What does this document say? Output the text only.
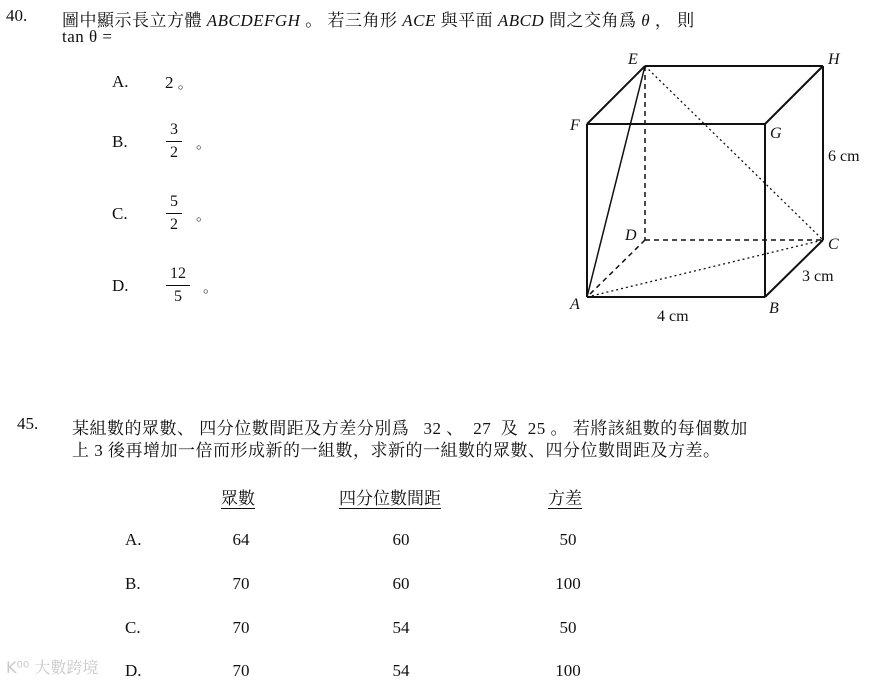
40. 圖中顯示長立方體 ABCDEFGH 。 若三角形 ACE 與平面 ABCD 間之交角爲 θ ， 則
tan θ =
A. 2 。
B.
3
2 。
C.
5
2 。
D.
12
5	。
E	H
F	G
D
C
A	B
6 cm
3 cm
4 cm
45. 某組數的眾數、 四分位數間距及方差分別爲 32 、 27 及 25 。 若將該組數的每個數加
上 3 後再增加一倍而形成新的一組數，求新的一組數的眾數、四分位數間距及方差。
眾數	四分位數間距	方差
A.	64	60	50
B.	70	60	100
C.	70	54	50
D.	70	54	100
K⁰⁰ 大數跨境
